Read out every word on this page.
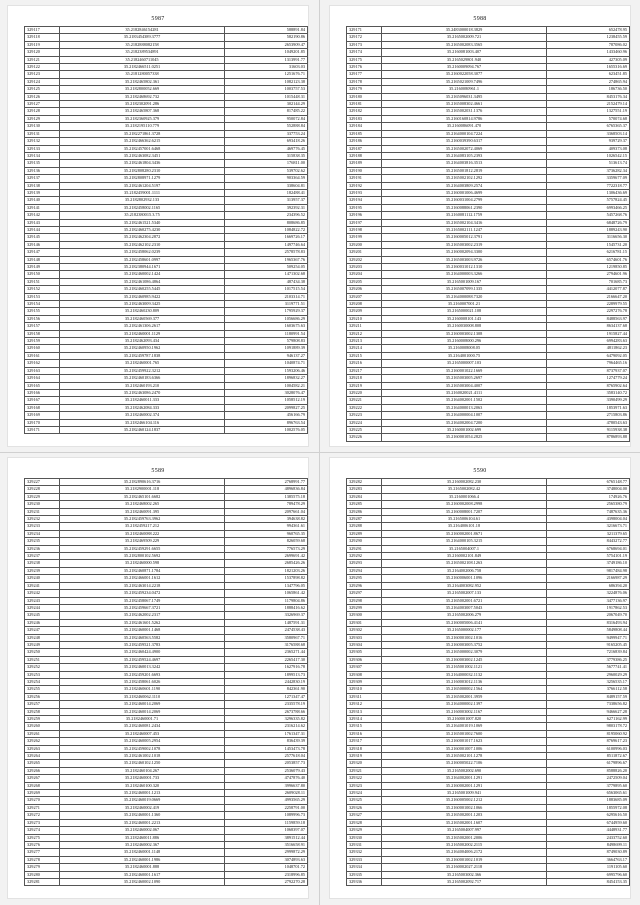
5987
329117	35.2182846154281	588891.84
329118	35.2183454389.3777	582190.86
329119	35.2182888082158	2653909.47
329120	35.2182389534891	1049201.85
329121	35.2182460711045	1313991.77
329122	35.2182466511.0251	31603.03
329123	35.2181280057338	1251676.71
329124	35.2182465802.361	1082123.38
329125	35.2182800052.669	1003757.53
329126	35.2182468692.732	1015448.31
329127	35.2182302091.286	302144.29
329128	35.2182465807.368	817485.22
329129	35.2182360925.379	950072.84
329130	35.2182195110.779	552888.84
329131	35.2182271861.3728	337753.24
329132	35.2182466362.6215	693418.26
329133	35.2182457001.6468	469776.45
329134	35.2182463082.3451	315838.35
329135	35.2182461804.3436	176811.00
329136	35.2182808280.2310	539702.62
329137	35.2182808971.1279	903364.59
329138	35.2182461204.5197	338604.81
329139	35.2182459001.1111	182488.41
329140	35.2182802932.133	313957.37
329141	35.2182458002.1165	392392.31
329142	35.2182380015.3.75	234396.52
329143	35.2182461521.5340	808686.85
329144	35.2182460275.4230	1084822.72
329145	35.2182462304.2872	1669726.17
329146	35.2182462102.2310	1497746.64
329147	35.2182458062.0239	2578578.83
329148	35.2182458601.0997	1965367.76
329149	35.2182380944.1671	509254.05
329150	35.2182460002.1424	1471302.68
329151	35.2182461086.4864	487434.38
329152	35.2182460255.5445	1017515.54
329153	35.2182460985.9422	2103314.71
329154	35.2182463009.3425	3119771.51
329155	35.2182460230.809	1795929.37
329156	35.2182460569.377	1056686.29
329157	35.2182461306.2617	1603675.63
329158	35.2182460001.1129	1180991.54
329159	35.2182462093.434	579808.83
329160	35.2182460950.1962	1091889.39
329161	35.2182459787.1838	946137.27
329162	35.2182460001.765	1040874.71
329163	35.2182459922.3212	1593206.46
329164	35.2182460183.6366	1896832.27
329165	35.2182460193.210	1004582.21
329166	35.2182463086.2470	3028076.47
329167	35.2182460011.333	1058512.19
329168	35.2182462084.333	2099827.25
329169	35.2182460002.374	456166.79
329170	35.2182466104.116	896763.54
329171	35.2182460124.1837	1002576.05
5988
329171	35.2483000018.3829	652478.95
329172	35.2165002009.721	1238455.59
329173	35.2165002083.3565	787086.02
329174	35.2160081003.407	1433460.96
329175	35.2165029801.940	427305.09
329176	35.2160009094.767	1655316.69
329177	35.2160022058.3077	623451.85
329178	35.2165021009.7496	274865.94
329179	35.2160080961.1	186736.50
329180	35.2165096031.3495	8453176.34
329181	35.2165008302.4661	2152479.14
329182	35.2165002031.1376	1327551.19
329183	35.2160160814.9786	570074.68
329184	35.2160086091.470	6765365.37
329185	35.2164000104.7224	3368503.14
329186	35.2160039390.6317	939729.37
329187	35.2165002072.4069	409373.08
329188	35.2164083105.2393	1026542.15
329189	35.2164003816.3513	513613.74
329190	35.2165001812.2819	3736282.34
329191	35.2165002102.1292	3359677.09
329192	35.2164003809.2574	7722318.77
329193	35.2160001006.4699	1306436.69
329194	35.2160031004.2799	5757824.45
329195	35.2160088061.2390	6993466.25
329196	35.2160081112.1759	5457268.76
329197	35.2165002104.3416	6848726.79
329198	35.2165002111.1247	1889243.90
329199	35.2160005012.3791	3116656.30
329200	35.2165003002.2319	1545731.20
329201	35.2160002094.3300	6216781.15
329202	35.2165003003.9726	6574601.76
329203	35.2160031012.1310	1219850.85
329204	35.2164000003.3266	2794601.96
329205	35.2165001009.167	701685.73
329206	35.2165007099.1335	4412077.87
329207	35.2164000088.7320	2166647.20
329208	35.2160007001.21	2289979.55
329209	35.2165000021.108	2297276.78
329210	35.2160008101.143	8488563.97
329211	35.2160030008.808	8634137.68
329212	35.2160003002.1308	1915827.44
329213	35.2160008000.296	6994283.63
329214	35.2160008008.05	4811862.23
329215	35.2164001000.75	6479092.05
329216	35.2165000007.103	7964465.16
329217	35.2160001022.1669	8737937.07
329218	35.2165003005.2697	1274779.24
329219	35.2165003004.4007	8765902.64
329220	35.2160020021.4111	3583140.72
329221	35.2164002001.1502	3390499.29
329222	35.2164000013.2063	1853971.63
329223	35.2164000004.1007	2715803.86
329224	35.2164002004.7200	4780543.63
329225	35.2160001002.699	9115938.38
329226	35.2160001054.2825	8786893.88
5589
329227	35.2182890616.3716	2768991.77
329228	35.2182900001.118	4896836.84
329229	35.2182465101.6682	1385575.18
329230	35.2182468002.265	789478.29
329231	35.2182460091.395	2097661.04
329232	35.2182459763.3962	394638.82
329233	35.2182459217.212	994361.61
329234	35.2182460088.222	960765.35
329235	35.2182469509.229	826059.68
329236	35.2182459291.6655	776573.29
329237	35.2182800102.5692	2699691.42
329238	35.2182460000.598	2685426.26
329239	35.2182460871.1784	1821203.26
329240	35.2182466001.1612	1537898.82
329241	35.2182463014.2218	1347796.05
329242	35.2182459234.0472	1065861.42
329243	35.2182458067.1749	1179804.86
329244	35.2182459667.3721	1888416.62
329245	35.2182462002.2317	3326969.37
329246	35.2182461601.5262	1487591.31
329247	35.2182460001.1468	2474538.43
329248	35.2182460563.5582	3580967.71
329249	35.2182459521.3783	3176588.68
329250	35.2182460424.4900	2365271.44
329251	35.2182459524.4697	2265417.30
329252	35.2182460013.3242	1627916.78
329253	35.2182459201.6693	1899513.73
329254	35.2182458061.6026	2442830.19
329255	35.2182460601.1190	842361.90
329256	35.2182460062.1110	1271347.47
329257	35.2182460014.2069	2335578.19
329258	35.2182460014.2069	2673788.66
329259	35.2182460001.71	3296335.82
329260	35.2182460081.2434	2316214.62
329261	35.2182460007.453	1761347.31
329262	35.2182460005.2954	836439.39
329263	35.2182459002.1078	1453473.78
329264	35.2182461002.1018	2577618.04
329265	35.2182460102.1250	2053857.73
329266	35.2182460104.267	2536079.43
329267	35.2182460001.733	4747876.40
329268	35.2182460100.320	3996637.80
329269	35.2182460001.1213	2609028.11
329270	35.2182460019.0669	4993565.29
329271	35.2182460002.419	2258791.00
329272	35.2182460001.1360	1089996.73
329273	35.2182460001.2213	1159859.18
329274	35.2182460002.067	1068397.07
329275	35.2182460011.886	3891512.44
329276	35.2182460002.367	3516658.91
329277	35.2182460001.1148	2999872.29
329278	35.2182460001.1986	3074893.63
329279	35.2182460001.888	1048701.72
329280	35.2182460001.1617	2318996.85
329281	35.2182460002.1090	2792270.28
5590
329282	35.2160002082.230	6765148.77
329283	35.2165002082.42	3748004.00
329284	35.2160001066.4	174926.76
329285	35.2160002008.2998	2565380.79
329286	35.2160008001.7207	7487635.36
329287	35.2165006104.61	4398004.04
329288	35.2164006101.18	3216673.71
329289	35.2160002001.8671	3211379.65
329290	35.2164000105.3215	8443272.77
329291	35.2165004007.1	6768694.01
329292	35.2160002101.849	5754101.19
329293	35.2165002108.1263	3749186.10
329294	35.2164002006.758	9817484.98
329295	35.2160006001.1096	2166987.29
329296	35.2164003082.952	686394.20
329297	35.2165002007.133	3224876.06
329298	35.2165002001.6721	3477136.97
329299	35.2164003007.5043	1917862.53
329300	35.2165002006.279	2067049.70
329301	35.2160005006.4141	8316493.94
329302	35.2165000002.177	5849808.44
329303	35.2160001002.1016	9499947.71
329304	35.2160003005.3752	9165205.45
329305	35.2165000002.3079	7216839.84
329306	35.2160003002.1245	3779386.25
329307	35.2165001002.1121	5677741.41
329308	35.2164000032.1132	2960029.29
329309	35.2160003012.1136	3256535.17
329310	35.2165000002.1564	3766112.58
329311	35.2165002001.3959	8489157.59
329312	35.2164000002.1397	7338656.82
329313	35.2160003002.1167	9466627.28
329314	35.2160001007.820	6271162.99
329315	35.2164001019.1069	9803178.72
329316	35.2165001002.7600	8195060.92
329317	35.2160001017.1623	8769617.23
329318	35.2160001007.1006	6100996.03
329319	35.2165002101.1278	8511872.67
329320	35.2160005022.7106	6179896.67
329321	35.2165002002.690	8588826.20
329322	35.2164002001.1291	2472509.04
329323	35.2160002001.1291	3779895.60
329324	35.2165001009.941	6563065.61
329325	35.2160005002.1212	1883685.09
329326	35.2160001002.1066	1855972.08
329327	35.2165002001.1203	6295616.50
329328	35.2165002001.1607	6744959.60
329329	35.2165004007.997	4448931.77
329330	35.2165002001.2006	2433752.60
329331	35.2165002002.2115	8498699.11
329332	35.2164004006.2172	8749030.89
329333	35.2160001002.1019	3664763.17
329334	35.2160002027.2118	1191105.60
329335	35.2165003002.366	6995796.60
329336	35.2165002092.717	8454153.35
